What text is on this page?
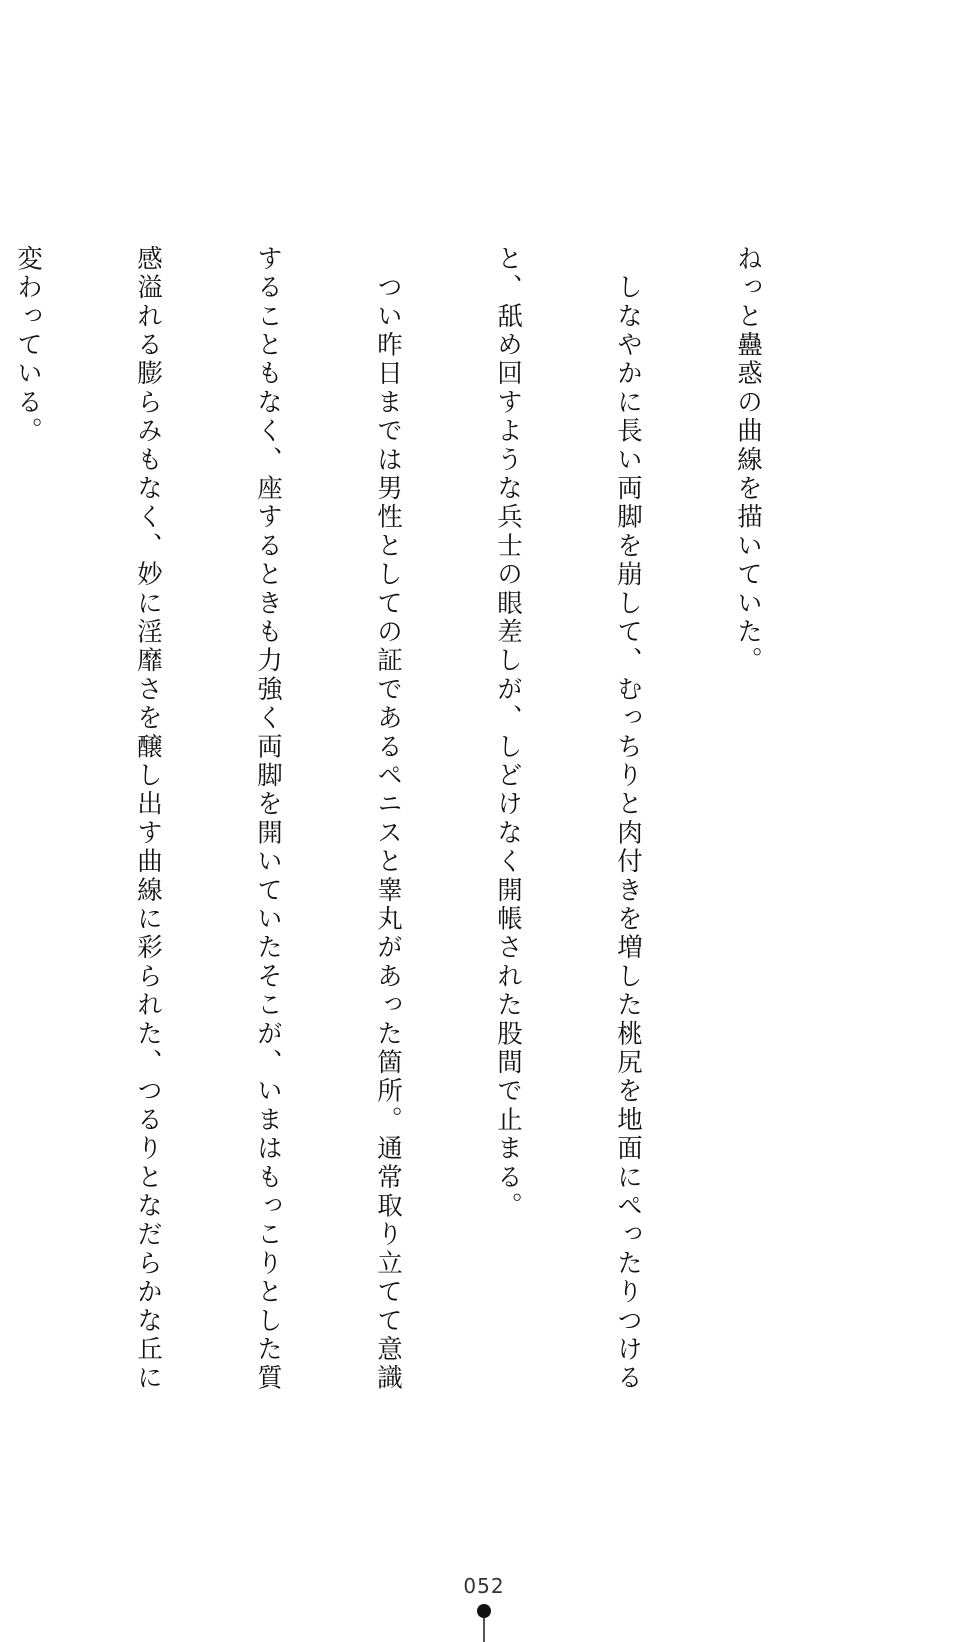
ねっと蠱惑の曲線を描いていた。

　しなやかに長い両脚を崩して、むっちりと肉付きを増した桃尻を地面にぺったりつける

と、舐め回すような兵士の眼差しが、しどけなく開帳された股間で止まる。

　つい昨日までは男性としての証であるペニスと睾丸があった箇所。通常取り立てて意識

することもなく、座するときも力強く両脚を開いていたそこが、いまはもっこりとした質

感溢れる膨らみもなく、妙に淫靡さを醸し出す曲線に彩られた、つるりとなだらかな丘に

変わっている。

052
